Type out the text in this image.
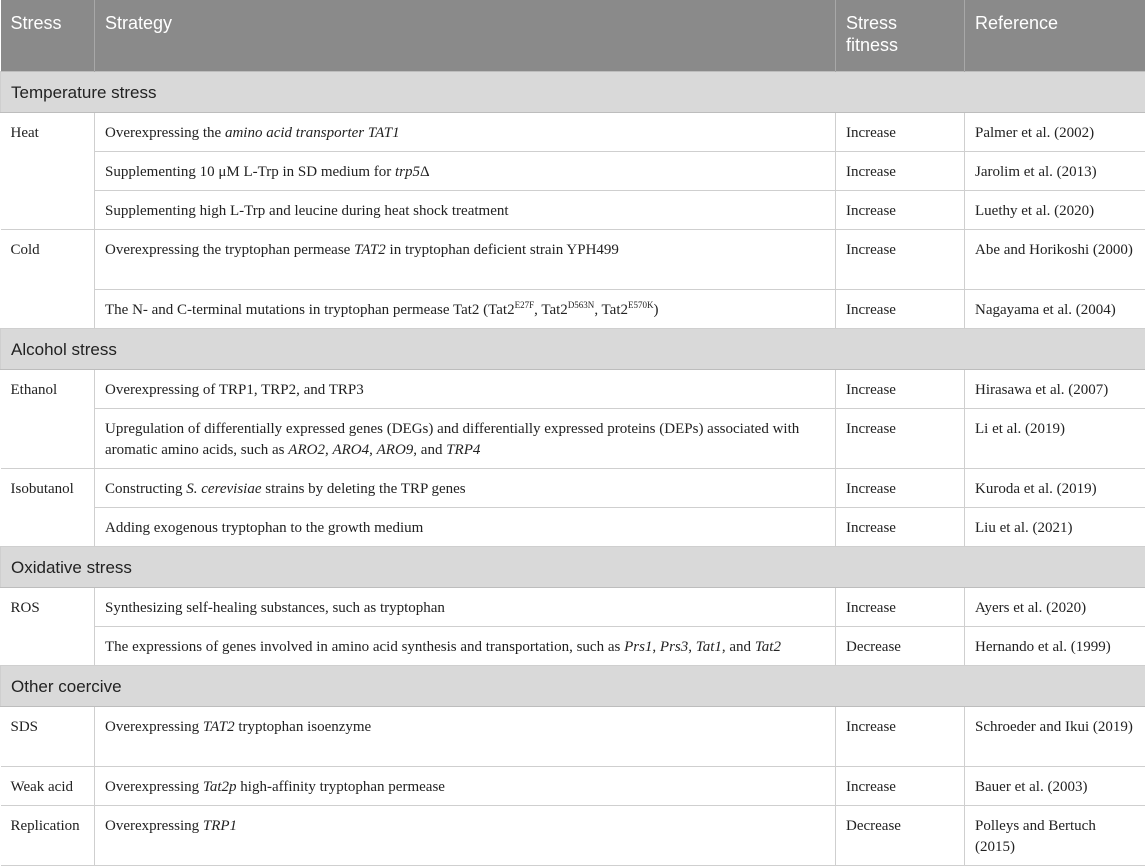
Stress	Strategy	Stress fitness	Reference
Temperature stress			
Heat	Overexpressing the amino acid transporter TAT1	Increase	Palmer et al. (2002)
	Supplementing 10 μM L-Trp in SD medium for trp5Δ	Increase	Jarolim et al. (2013)
	Supplementing high L-Trp and leucine during heat shock treatment	Increase	Luethy et al. (2020)
Cold	Overexpressing the tryptophan permease TAT2 in tryptophan deficient strain YPH499	Increase	Abe and Horikoshi (2000)
	The N- and C-terminal mutations in tryptophan permease Tat2 ($Tat2^{E27F}$, $Tat2^{D563N}$, $Tat2^{E570K}$)	Increase	Nagayama et al. (2004)
Alcohol stress			
Ethanol	Overexpressing of TRP1, TRP2, and TRP3	Increase	Hirasawa et al. (2007)
	Upregulation of differentially expressed genes (DEGs) and differentially expressed proteins (DEPs) associated with aromatic amino acids, such as ARO2, ARO4, ARO9, and TRP4	Increase	Li et al. (2019)
Isobutanol	Constructing S. cerevisiae strains by deleting the TRP genes	Increase	Kuroda et al. (2019)
	Adding exogenous tryptophan to the growth medium	Increase	Liu et al. (2021)
Oxidative stress			
ROS	Synthesizing self-healing substances, such as tryptophan	Increase	Ayers et al. (2020)
	The expressions of genes involved in amino acid synthesis and transportation, such as Prs1, Prs3, Tat1, and Tat2	Decrease	Hernando et al. (1999)
Other coercive			
SDS	Overexpressing TAT2 tryptophan isoenzyme	Increase	Schroeder and Ikui (2019)
Weak acid	Overexpressing Tat2p high-affinity tryptophan permease	Increase	Bauer et al. (2003)
Replication	Overexpressing TRP1	Decrease	Polleys and Bertuch (2015)
